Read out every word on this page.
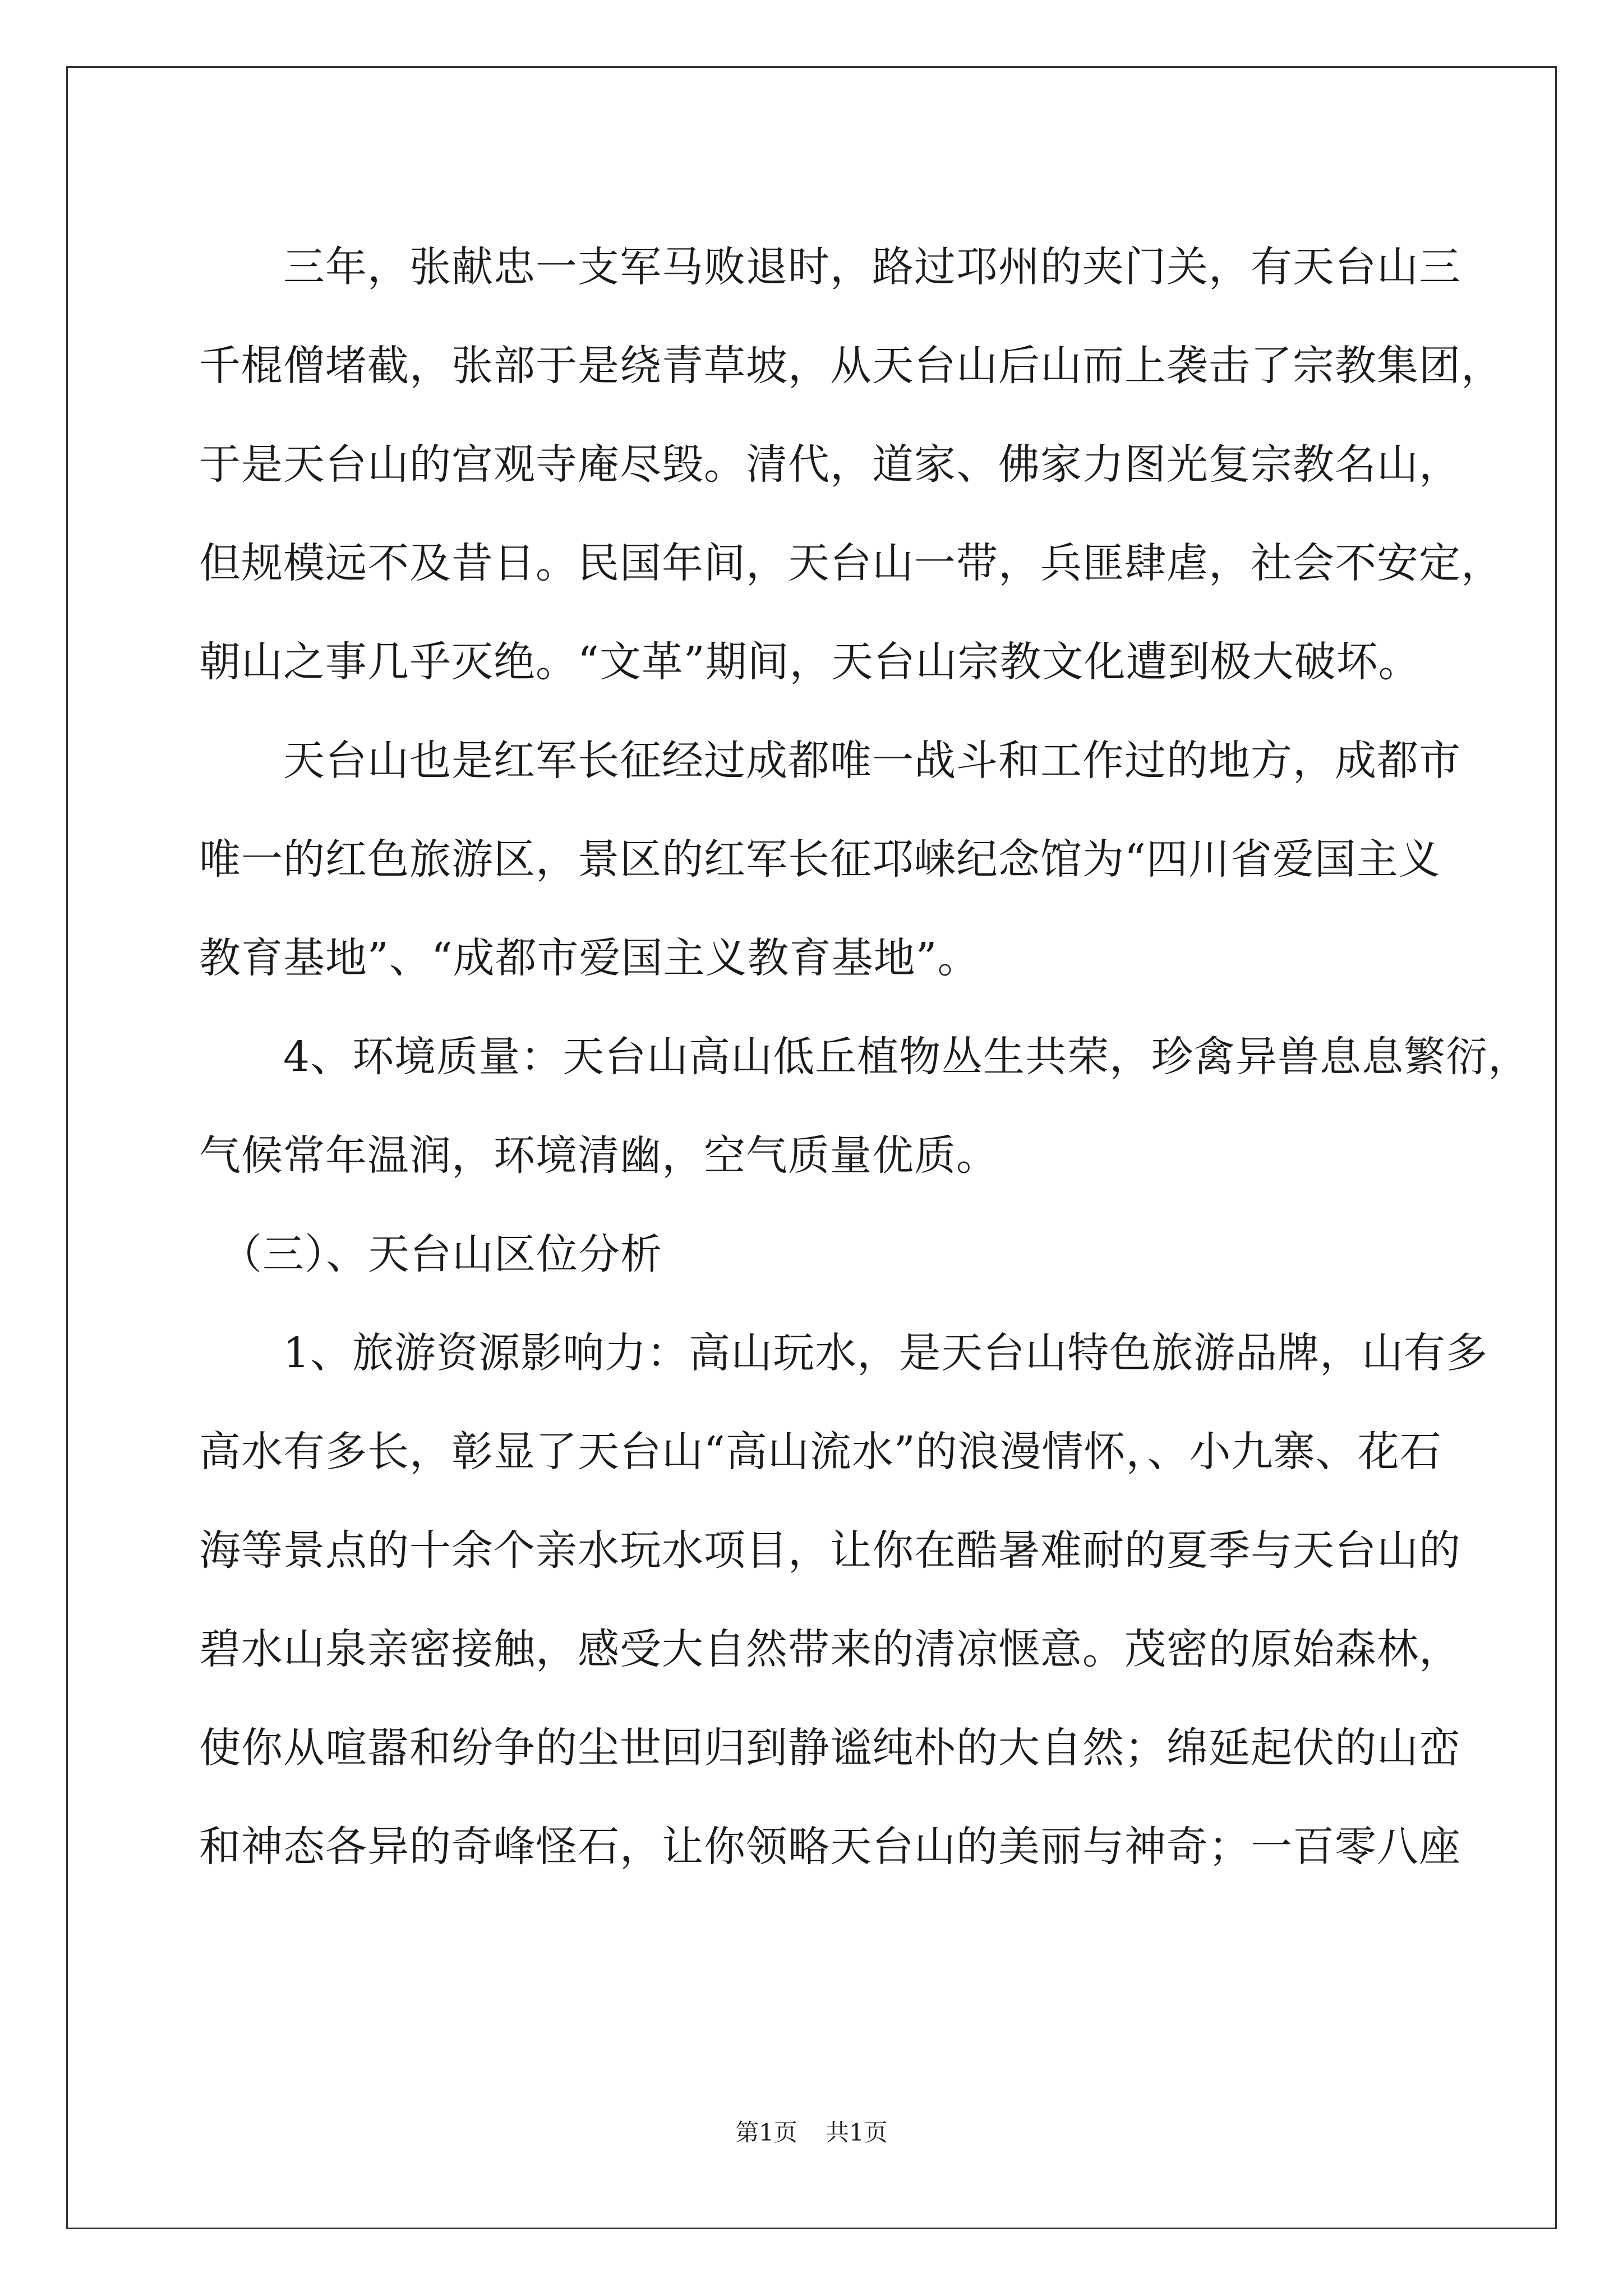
　　三年，张献忠一支军马败退时，路过邛州的夹门关，有天台山三
千棍僧堵截，张部于是绕青草坡，从天台山后山而上袭击了宗教集团，
于是天台山的宫观寺庵尽毁。清代，道家、佛家力图光复宗教名山，
但规模远不及昔日。民国年间，天台山一带，兵匪肆虐，社会不安定，
朝山之事几乎灭绝。“文革”期间，天台山宗教文化遭到极大破坏。
　　天台山也是红军长征经过成都唯一战斗和工作过的地方，成都市
唯一的红色旅游区，景区的红军长征邛崃纪念馆为“四川省爱国主义
教育基地”、“成都市爱国主义教育基地”。
　　4、环境质量：天台山高山低丘植物丛生共荣，珍禽异兽息息繁衍，
气候常年温润，环境清幽，空气质量优质。
　（三）、天台山区位分析
　　1、旅游资源影响力：高山玩水，是天台山特色旅游品牌，山有多
高水有多长，彰显了天台山“高山流水”的浪漫情怀，、小九寨、花石
海等景点的十余个亲水玩水项目，让你在酷暑难耐的夏季与天台山的
碧水山泉亲密接触，感受大自然带来的清凉惬意。茂密的原始森林，
使你从喧嚣和纷争的尘世回归到静谧纯朴的大自然；绵延起伏的山峦
和神态各异的奇峰怪石，让你领略天台山的美丽与神奇；一百零八座
第1页 共1页
